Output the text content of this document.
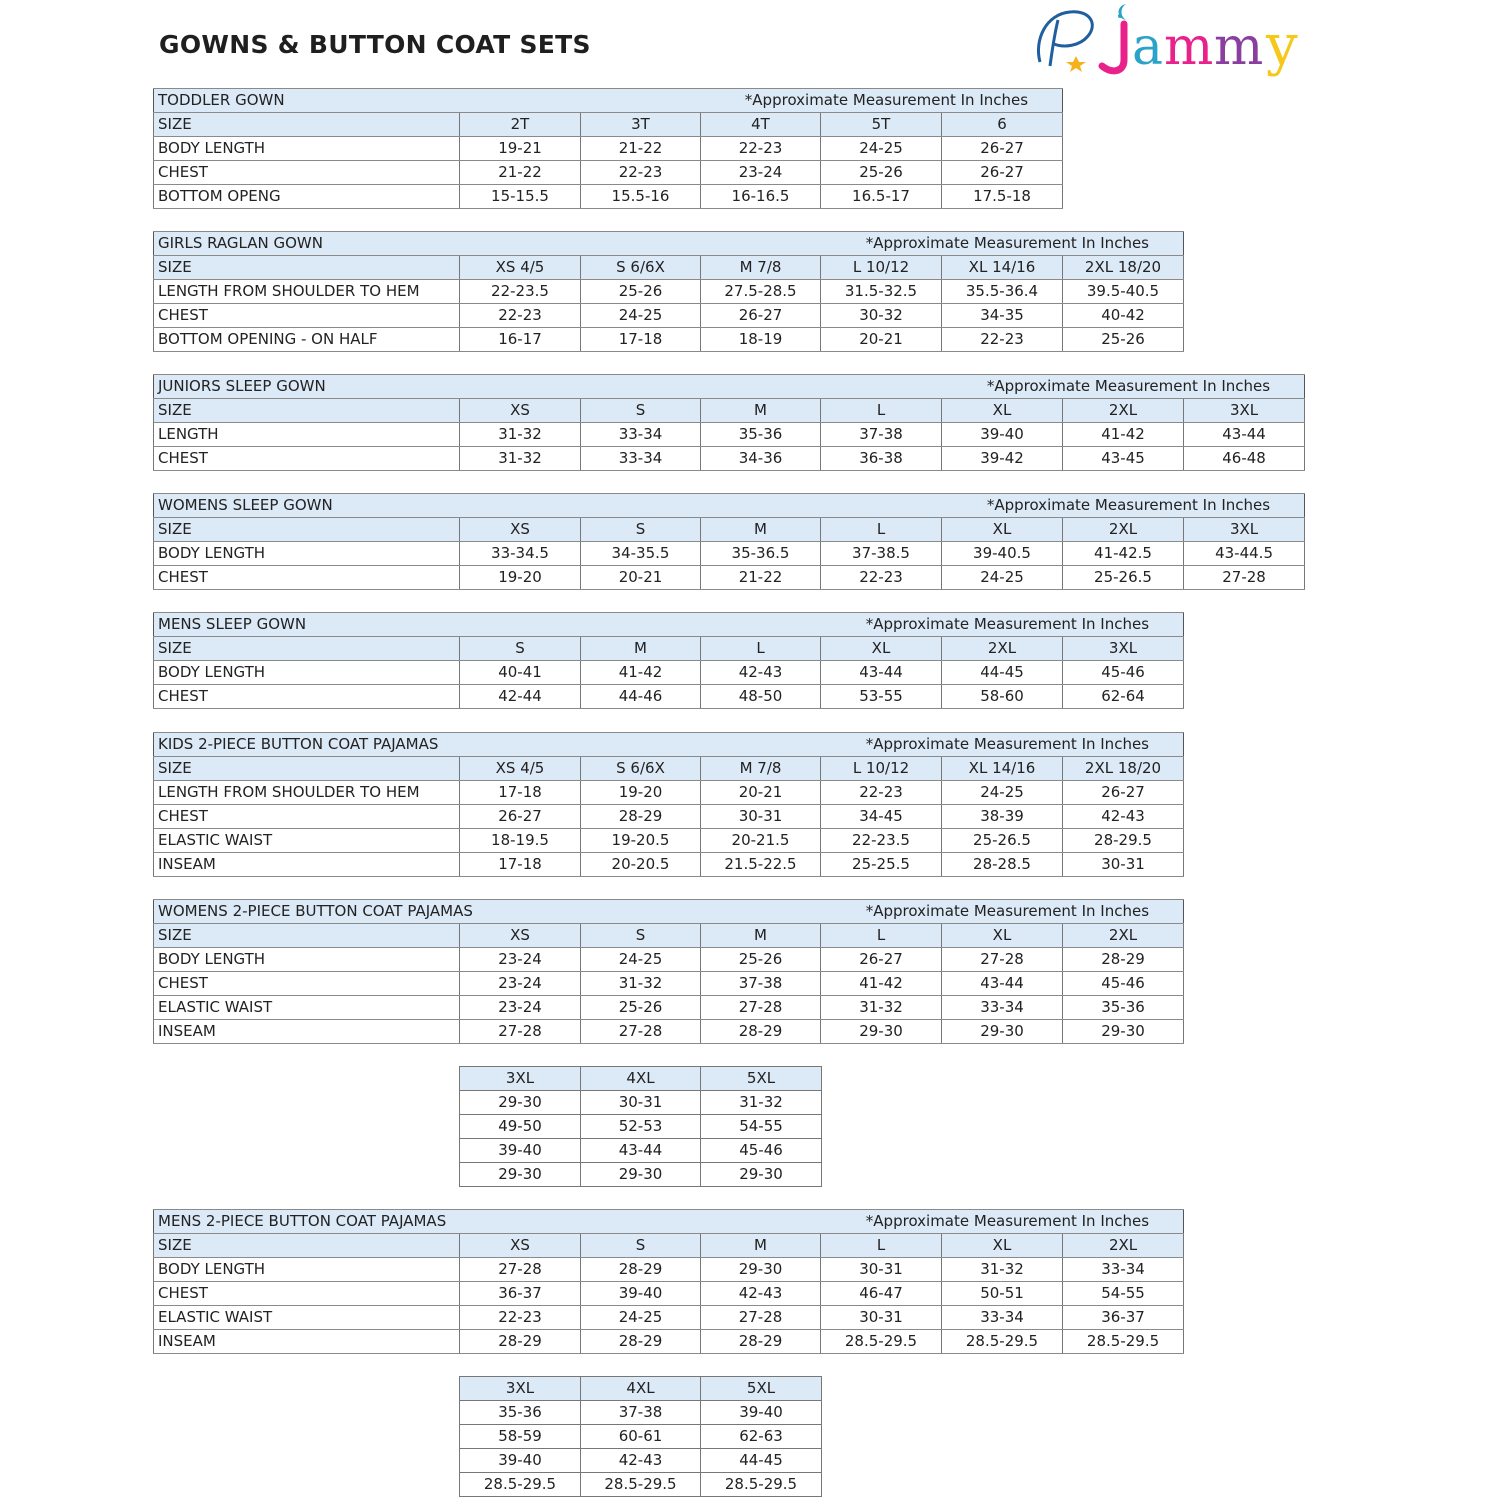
GOWNS & BUTTON COAT SETS	a m m y
TODDLER GOWN *Approximate Measurement In Inches					

SIZE	2T	3T	4T	5T	6
BODY LENGTH	19-21	21-22	22-23	24-25	26-27
CHEST	21-22	22-23	23-24	25-26	26-27
BOTTOM OPENG	15-15.5	15.5-16	16-16.5	16.5-17	17.5-18
GIRLS RAGLAN GOWN *Approximate Measurement In Inches						

SIZE	XS 4/5	S 6/6X	M 7/8	L 10/12	XL 14/16	2XL 18/20
LENGTH FROM SHOULDER TO HEM	22-23.5	25-26	27.5-28.5	31.5-32.5	35.5-36.4	39.5-40.5
CHEST	22-23	24-25	26-27	30-32	34-35	40-42
BOTTOM OPENING - ON HALF	16-17	17-18	18-19	20-21	22-23	25-26
JUNIORS SLEEP GOWN *Approximate Measurement In Inches							

SIZE	XS	S	M	L	XL	2XL	3XL
LENGTH	31-32	33-34	35-36	37-38	39-40	41-42	43-44
CHEST	31-32	33-34	34-36	36-38	39-42	43-45	46-48
WOMENS SLEEP GOWN *Approximate Measurement In Inches							

SIZE	XS	S	M	L	XL	2XL	3XL
BODY LENGTH	33-34.5	34-35.5	35-36.5	37-38.5	39-40.5	41-42.5	43-44.5
CHEST	19-20	20-21	21-22	22-23	24-25	25-26.5	27-28
MENS SLEEP GOWN *Approximate Measurement In Inches						

SIZE	S	M	L	XL	2XL	3XL
BODY LENGTH	40-41	41-42	42-43	43-44	44-45	45-46
CHEST	42-44	44-46	48-50	53-55	58-60	62-64
KIDS 2-PIECE BUTTON COAT PAJAMAS *Approximate Measurement In Inches						

SIZE	XS 4/5	S 6/6X	M 7/8	L 10/12	XL 14/16	2XL 18/20
LENGTH FROM SHOULDER TO HEM	17-18	19-20	20-21	22-23	24-25	26-27
CHEST	26-27	28-29	30-31	34-45	38-39	42-43
ELASTIC WAIST	18-19.5	19-20.5	20-21.5	22-23.5	25-26.5	28-29.5
INSEAM	17-18	20-20.5	21.5-22.5	25-25.5	28-28.5	30-31
WOMENS 2-PIECE BUTTON COAT PAJAMAS *Approximate Measurement In Inches						

SIZE	XS	S	M	L	XL	2XL
BODY LENGTH	23-24	24-25	25-26	26-27	27-28	28-29
CHEST	23-24	31-32	37-38	41-42	43-44	45-46
ELASTIC WAIST	23-24	25-26	27-28	31-32	33-34	35-36
INSEAM	27-28	27-28	28-29	29-30	29-30	29-30
3XL	4XL	5XL
29-30	30-31	31-32
49-50	52-53	54-55
39-40	43-44	45-46
29-30	29-30	29-30
MENS 2-PIECE BUTTON COAT PAJAMAS *Approximate Measurement In Inches						

SIZE	XS	S	M	L	XL	2XL
BODY LENGTH	27-28	28-29	29-30	30-31	31-32	33-34
CHEST	36-37	39-40	42-43	46-47	50-51	54-55
ELASTIC WAIST	22-23	24-25	27-28	30-31	33-34	36-37
INSEAM	28-29	28-29	28-29	28.5-29.5	28.5-29.5	28.5-29.5
3XL	4XL	5XL
35-36	37-38	39-40
58-59	60-61	62-63
39-40	42-43	44-45
28.5-29.5	28.5-29.5	28.5-29.5
